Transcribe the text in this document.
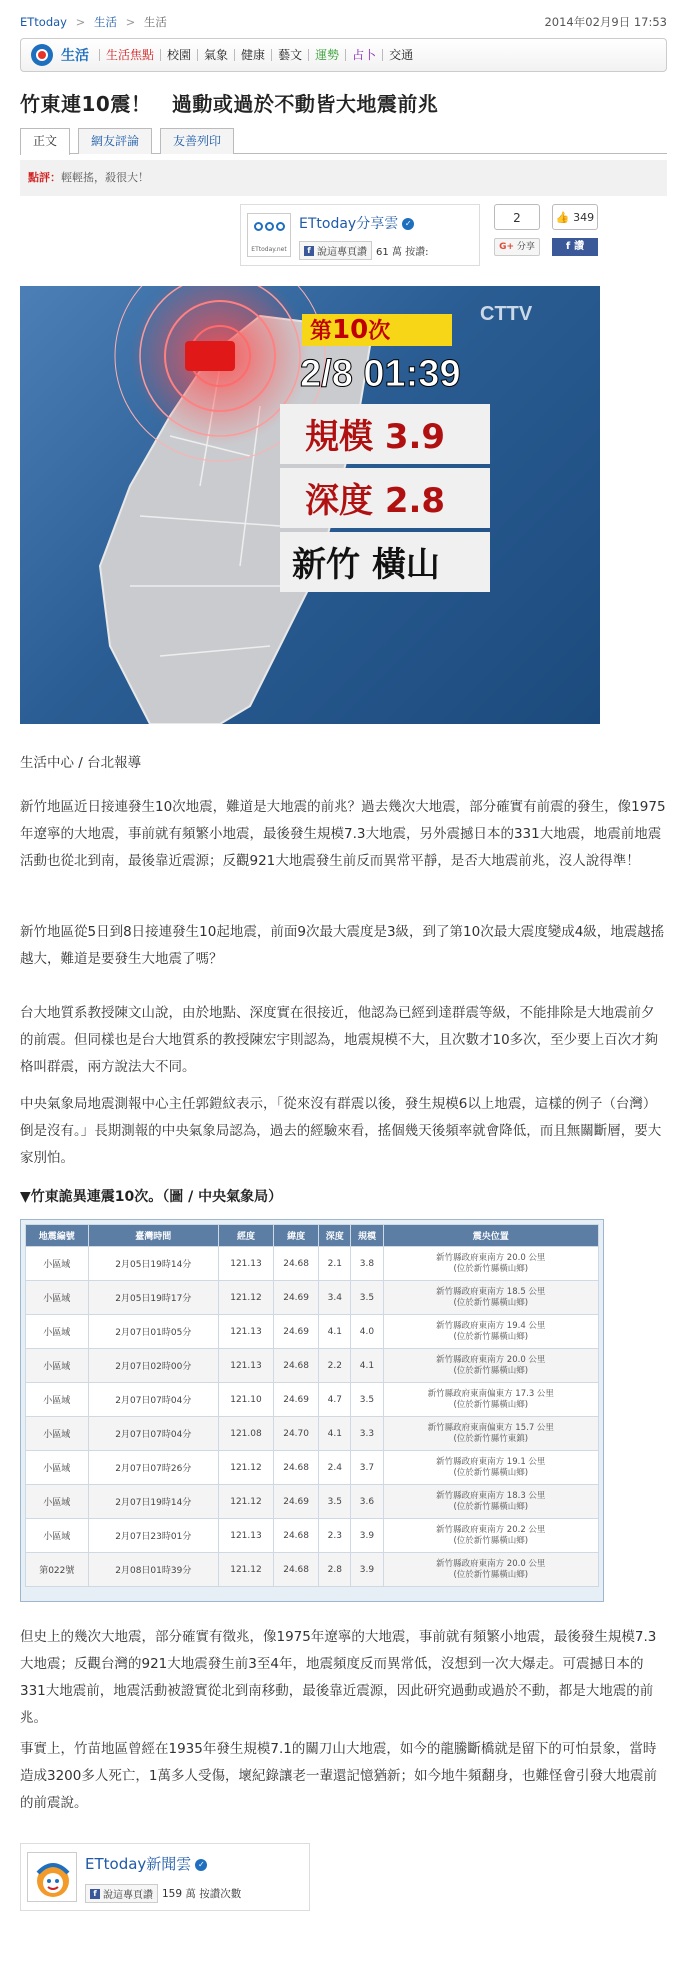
ETtoday > 生活 > 生活	2014年02月9日 17:53
生活	生活焦點	校園	氣象	健康	藝文	運勢	占卜	交通
竹東連10震！　過動或過於不動皆大地震前兆
正文	網友評論	友善列印
點評：輕輕搖，殺很大！
ETtoday.net
ETtoday分享雲 ✓
f 說這專頁讚 61 萬 按讚:
2
G+ 分享
👍 349
f 讚
CTTV
第10次
2/8 01:39
規模 3.9
深度 2.8
新竹 橫山
生活中心 / 台北報導

新竹地區近日接連發生10次地震，難道是大地震的前兆？過去幾次大地震，部分確實有前震的發生，像1975年遼寧的大地震，事前就有頻繁小地震，最後發生規模7.3大地震，另外震撼日本的331大地震，地震前地震活動也從北到南，最後靠近震源；反觀921大地震發生前反而異常平靜，是否大地震前兆，沒人說得準！

新竹地區從5日到8日接連發生10起地震，前面9次最大震度是3級，到了第10次最大震度變成4級，地震越搖越大，難道是要發生大地震了嗎？

台大地質系教授陳文山說，由於地點、深度實在很接近，他認為已經到達群震等級，不能排除是大地震前夕的前震。但同樣也是台大地質系的教授陳宏宇則認為，地震規模不大，且次數才10多次，至少要上百次才夠格叫群震，兩方說法大不同。

中央氣象局地震測報中心主任郭鎧紋表示，「從來沒有群震以後，發生規模6以上地震，這樣的例子（台灣）倒是沒有。」長期測報的中央氣象局認為，過去的經驗來看，搖個幾天後頻率就會降低，而且無關斷層，要大家別怕。

▼竹東詭異連震10次。（圖 / 中央氣象局）
地震編號	臺灣時間	經度	緯度	深度	規模	震央位置
小區域	2月05日19時14分	121.13	24.68	2.1	3.8	新竹縣政府東南方 20.0 公里
(位於新竹縣橫山鄉)

小區域	2月05日19時17分	121.12	24.69	3.4	3.5	新竹縣政府東南方 18.5 公里
(位於新竹縣橫山鄉)

小區域	2月07日01時05分	121.13	24.69	4.1	4.0	新竹縣政府東南方 19.4 公里
(位於新竹縣橫山鄉)

小區域	2月07日02時00分	121.13	24.68	2.2	4.1	新竹縣政府東南方 20.0 公里
(位於新竹縣橫山鄉)

小區域	2月07日07時04分	121.10	24.69	4.7	3.5	新竹縣政府東南偏東方 17.3 公里
(位於新竹縣橫山鄉)

小區域	2月07日07時04分	121.08	24.70	4.1	3.3	新竹縣政府東南偏東方 15.7 公里
(位於新竹縣竹東鎮)

小區域	2月07日07時26分	121.12	24.68	2.4	3.7	新竹縣政府東南方 19.1 公里
(位於新竹縣橫山鄉)

小區域	2月07日19時14分	121.12	24.69	3.5	3.6	新竹縣政府東南方 18.3 公里
(位於新竹縣橫山鄉)

小區域	2月07日23時01分	121.13	24.68	2.3	3.9	新竹縣政府東南方 20.2 公里
(位於新竹縣橫山鄉)

第022號	2月08日01時39分	121.12	24.68	2.8	3.9	新竹縣政府東南方 20.0 公里
(位於新竹縣橫山鄉)

但史上的幾次大地震，部分確實有徵兆，像1975年遼寧的大地震，事前就有頻繁小地震，最後發生規模7.3大地震；反觀台灣的921大地震發生前3至4年，地震頻度反而異常低，沒想到一次大爆走。可震撼日本的331大地震前，地震活動被證實從北到南移動，最後靠近震源，因此研究過動或過於不動，都是大地震的前兆。

事實上，竹苗地區曾經在1935年發生規模7.1的關刀山大地震，如今的龍騰斷橋就是留下的可怕景象，當時造成3200多人死亡，1萬多人受傷，壞紀錄讓老一輩還記憶猶新；如今地牛頻翻身，也難怪會引發大地震前的前震說。

ETtoday新聞雲 ✓
f 說這專頁讚 159 萬 按讚次數
